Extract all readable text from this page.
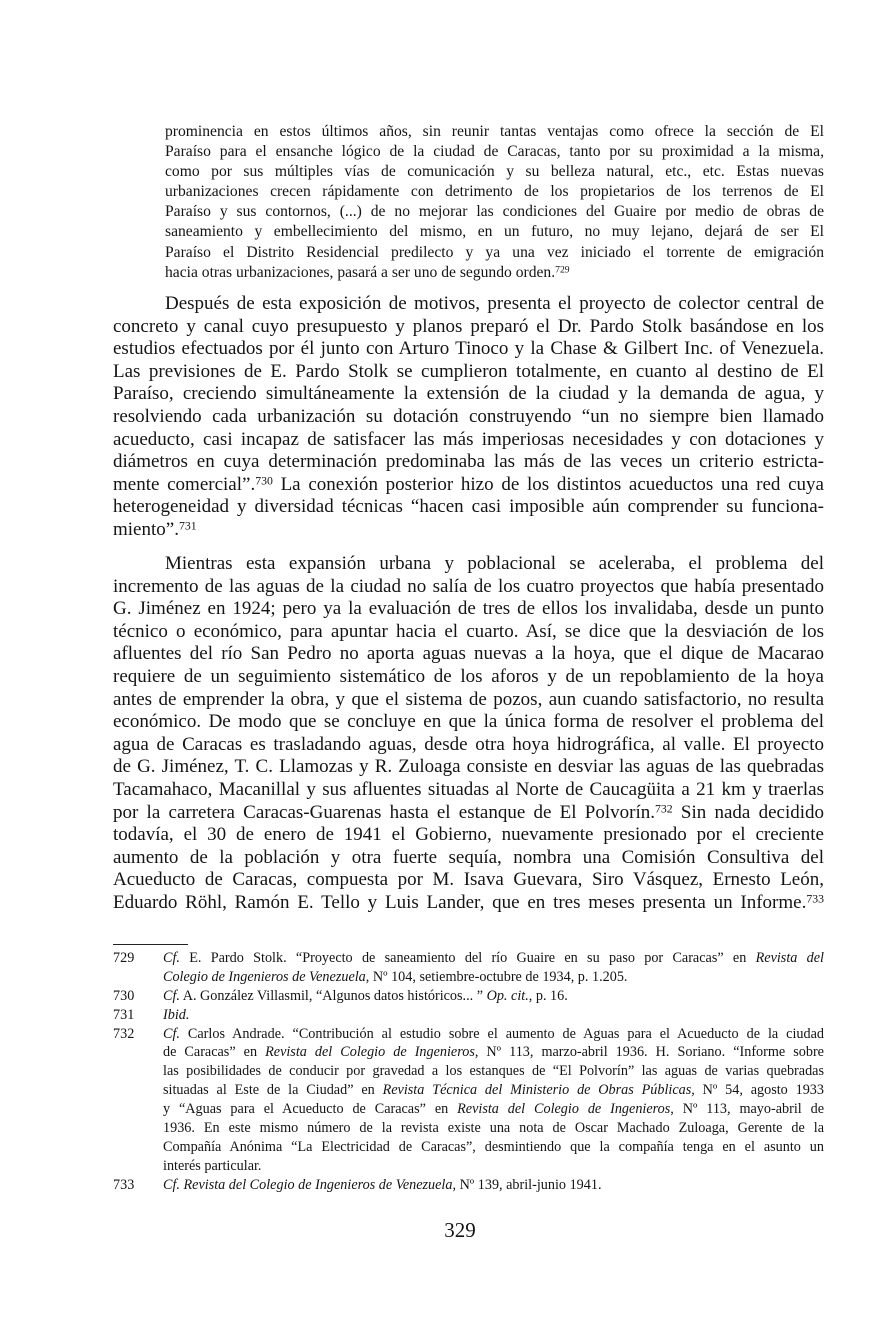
prominencia en estos últimos años, sin reunir tantas ventajas como ofrece la sección de El
Paraíso para el ensanche lógico de la ciudad de Caracas, tanto por su proximidad a la misma,
como por sus múltiples vías de comunicación y su belleza natural, etc., etc. Estas nuevas
urbanizaciones crecen rápidamente con detrimento de los propietarios de los terrenos de El
Paraíso y sus contornos, (...) de no mejorar las condiciones del Guaire por medio de obras de
saneamiento y embellecimiento del mismo, en un futuro, no muy lejano, dejará de ser El
Paraíso el Distrito Residencial predilecto y ya una vez iniciado el torrente de emigración
hacia otras urbanizaciones, pasará a ser uno de segundo orden.$^{729}$
Después de esta exposición de motivos, presenta el proyecto de colector central de
concreto y canal cuyo presupuesto y planos preparó el Dr. Pardo Stolk basándose en los
estudios efectuados por él junto con Arturo Tinoco y la Chase & Gilbert Inc. of Venezuela.
Las previsiones de E. Pardo Stolk se cumplieron totalmente, en cuanto al destino de El
Paraíso, creciendo simultáneamente la extensión de la ciudad y la demanda de agua, y
resolviendo cada urbanización su dotación construyendo “un no siempre bien llamado
acueducto, casi incapaz de satisfacer las más imperiosas necesidades y con dotaciones y
diámetros en cuya determinación predominaba las más de las veces un criterio estricta-
mente comercial”.$^{730}$ La conexión posterior hizo de los distintos acueductos una red cuya
heterogeneidad y diversidad técnicas “hacen casi imposible aún comprender su funciona-
miento”.$^{731}$
Mientras esta expansión urbana y poblacional se aceleraba, el problema del
incremento de las aguas de la ciudad no salía de los cuatro proyectos que había presentado
G. Jiménez en 1924; pero ya la evaluación de tres de ellos los invalidaba, desde un punto
técnico o económico, para apuntar hacia el cuarto. Así, se dice que la desviación de los
afluentes del río San Pedro no aporta aguas nuevas a la hoya, que el dique de Macarao
requiere de un seguimiento sistemático de los aforos y de un repoblamiento de la hoya
antes de emprender la obra, y que el sistema de pozos, aun cuando satisfactorio, no resulta
económico. De modo que se concluye en que la única forma de resolver el problema del
agua de Caracas es trasladando aguas, desde otra hoya hidrográfica, al valle. El proyecto
de G. Jiménez, T. C. Llamozas y R. Zuloaga consiste en desviar las aguas de las quebradas
Tacamahaco, Macanillal y sus afluentes situadas al Norte de Caucagüita a 21 km y traerlas
por la carretera Caracas-Guarenas hasta el estanque de El Polvorín.$^{732}$ Sin nada decidido
todavía, el 30 de enero de 1941 el Gobierno, nuevamente presionado por el creciente
aumento de la población y otra fuerte sequía, nombra una Comisión Consultiva del
Acueducto de Caracas, compuesta por M. Isava Guevara, Siro Vásquez, Ernesto León,
Eduardo Röhl, Ramón E. Tello y Luis Lander, que en tres meses presenta un Informe.$^{733}$
729 Cf. E. Pardo Stolk. “Proyecto de saneamiento del río Guaire en su paso por Caracas” en Revista del
Colegio de Ingenieros de Venezuela, Nº 104, setiembre-octubre de 1934, p. 1.205.
730 Cf. A. González Villasmil, “Algunos datos históricos... ” Op. cit., p. 16.
731 Ibid.
732 Cf. Carlos Andrade. “Contribución al estudio sobre el aumento de Aguas para el Acueducto de la ciudad
de Caracas” en Revista del Colegio de Ingenieros, Nº 113, marzo-abril 1936. H. Soriano. “Informe sobre
las posibilidades de conducir por gravedad a los estanques de “El Polvorín” las aguas de varias quebradas
situadas al Este de la Ciudad” en Revista Técnica del Ministerio de Obras Públicas, Nº 54, agosto 1933
y “Aguas para el Acueducto de Caracas” en Revista del Colegio de Ingenieros, Nº 113, mayo-abril de
1936. En este mismo número de la revista existe una nota de Oscar Machado Zuloaga, Gerente de la
Compañía Anónima “La Electricidad de Caracas”, desmintiendo que la compañía tenga en el asunto un
interés particular.
733 Cf. Revista del Colegio de Ingenieros de Venezuela, Nº 139, abril-junio 1941.
329
